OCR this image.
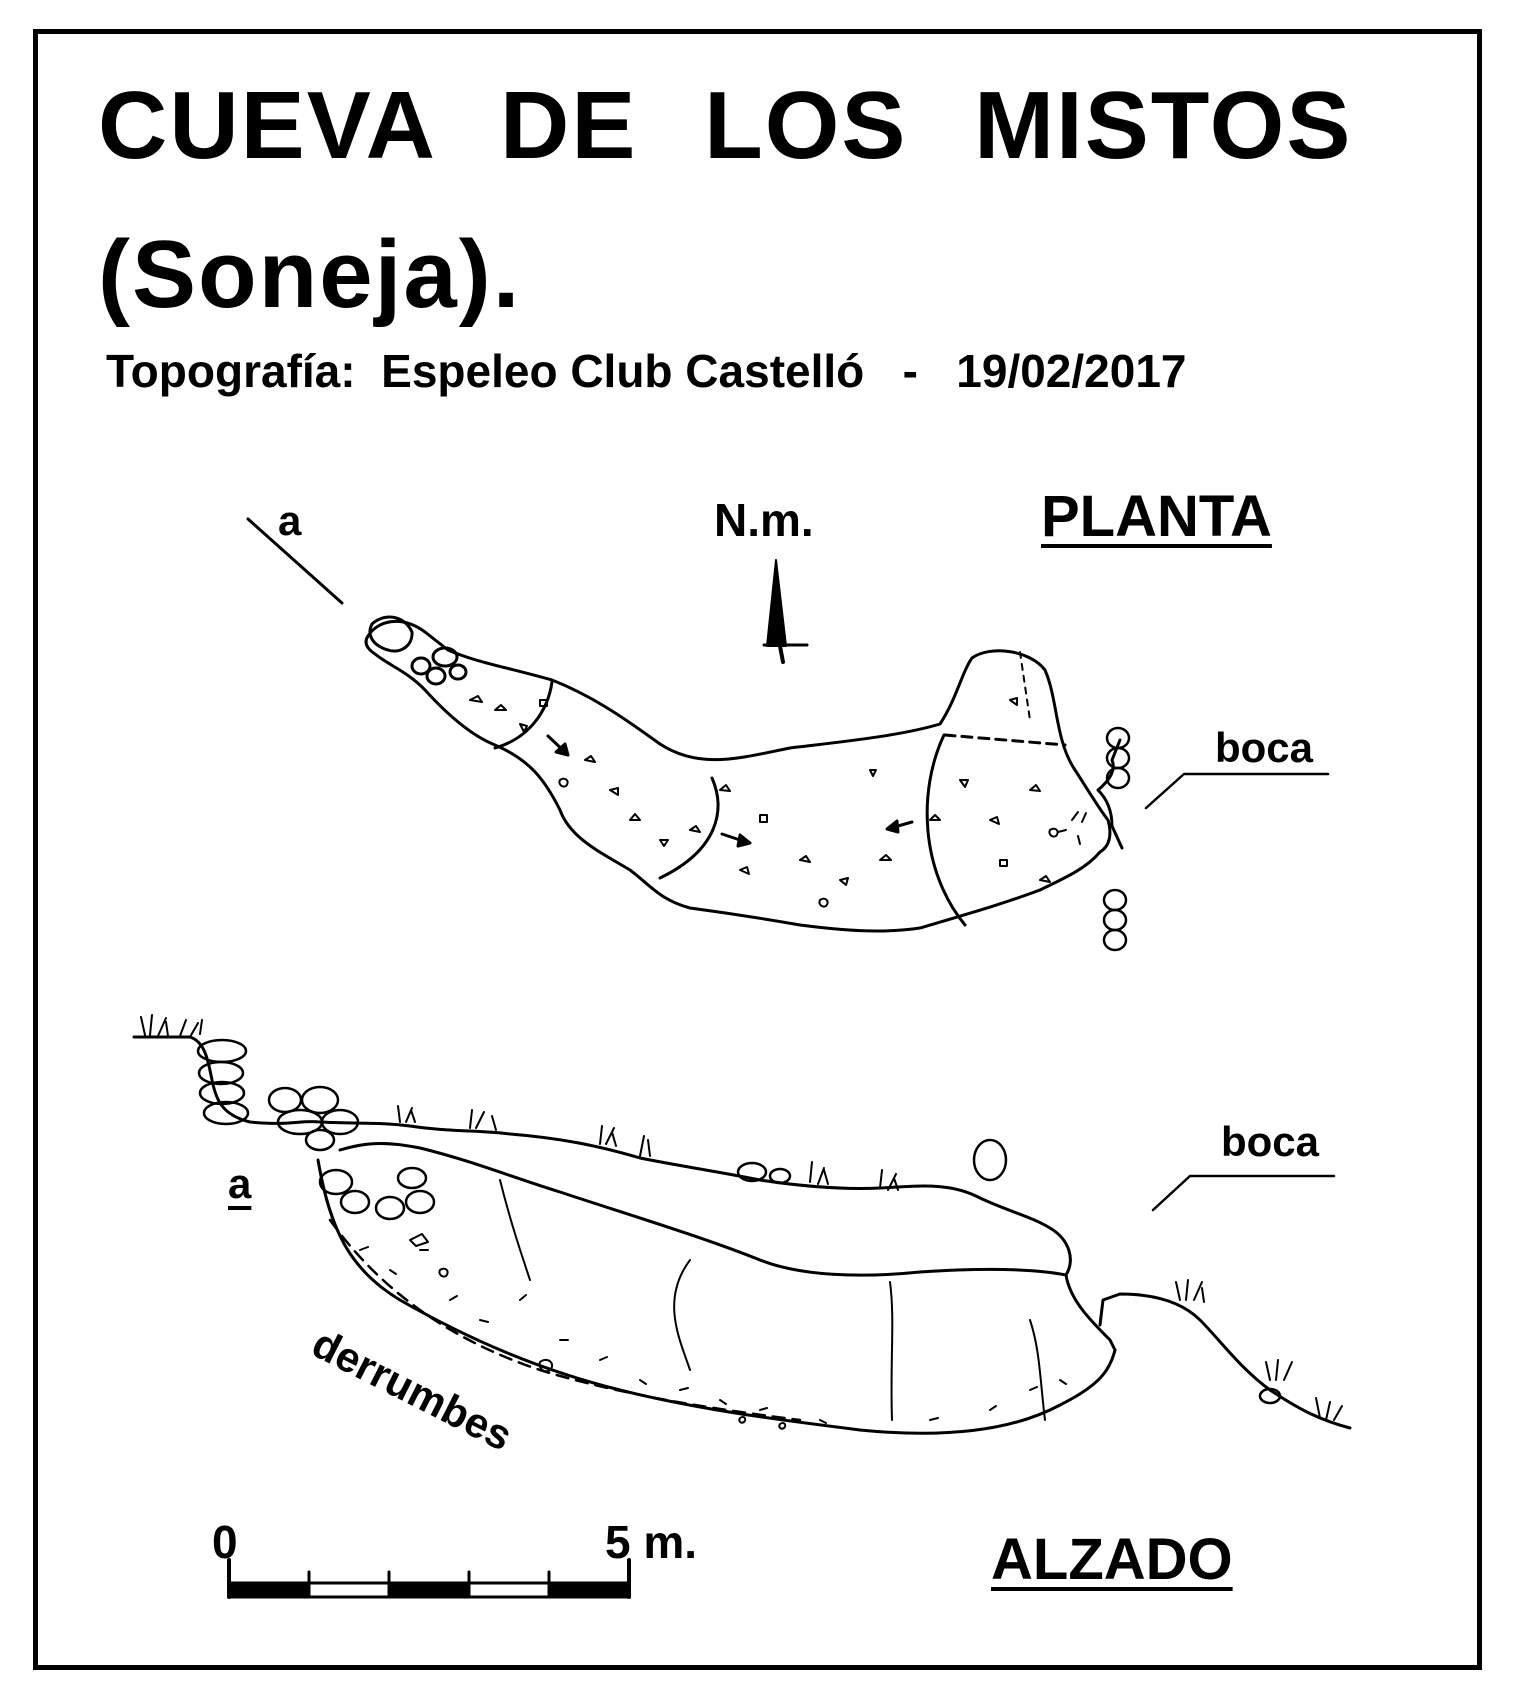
CUEVA DE LOS MISTOS
(Soneja).
Topografía: Espeleo Club Castelló - 19/02/2017
a	N.m.	PLANTA
boca
a
boca
derrumbes
ALZADO
0	5 m.
